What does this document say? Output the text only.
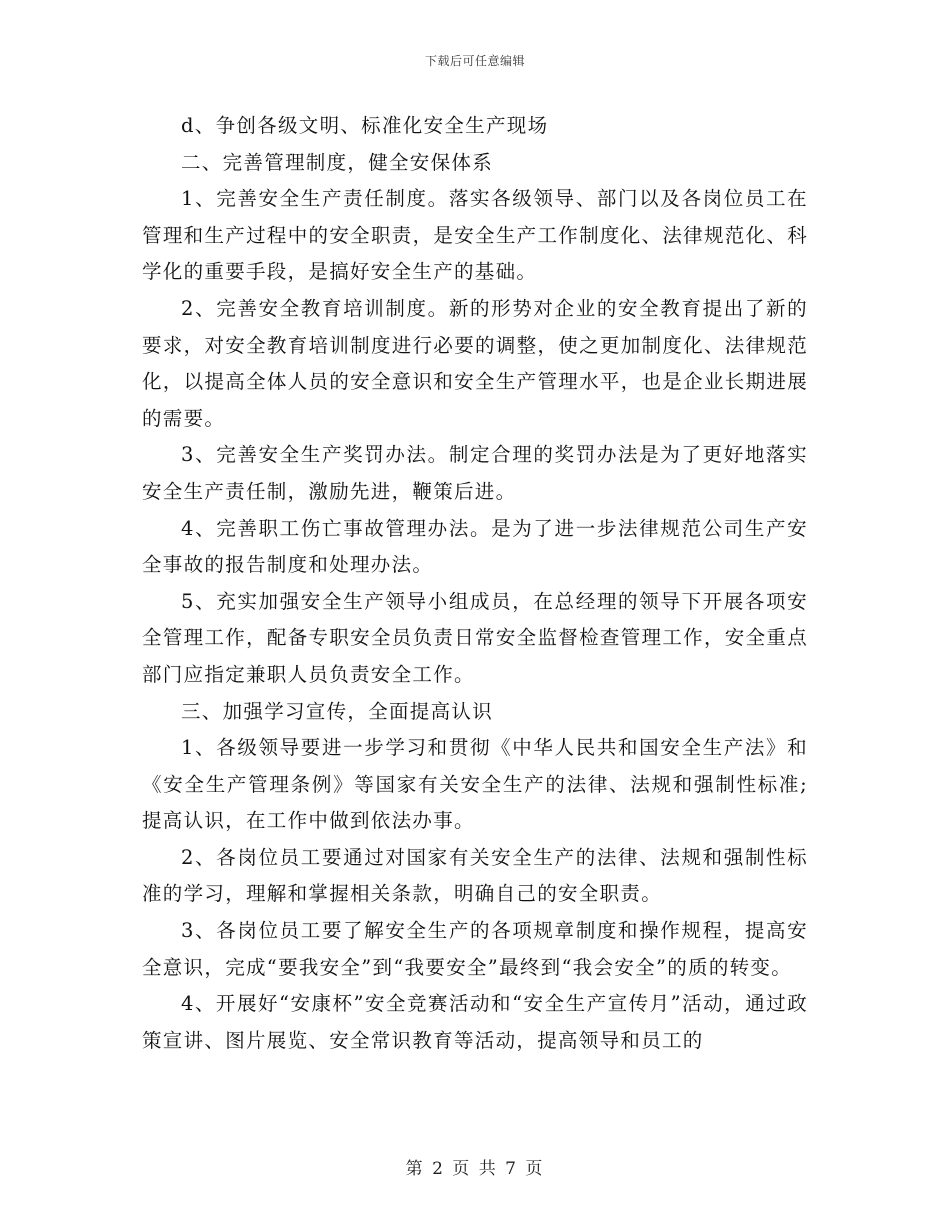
下载后可任意编辑

d、争创各级文明、标准化安全生产现场

二、完善管理制度，健全安保体系

1、完善安全生产责任制度。落实各级领导、部门以及各岗位员工在管理和生产过程中的安全职责，是安全生产工作制度化、法律规范化、科学化的重要手段，是搞好安全生产的基础。

2、完善安全教育培训制度。新的形势对企业的安全教育提出了新的要求，对安全教育培训制度进行必要的调整，使之更加制度化、法律规范化，以提高全体人员的安全意识和安全生产管理水平，也是企业长期进展的需要。

3、完善安全生产奖罚办法。制定合理的奖罚办法是为了更好地落实安全生产责任制，激励先进，鞭策后进。

4、完善职工伤亡事故管理办法。是为了进一步法律规范公司生产安全事故的报告制度和处理办法。

5、充实加强安全生产领导小组成员，在总经理的领导下开展各项安全管理工作，配备专职安全员负责日常安全监督检查管理工作，安全重点部门应指定兼职人员负责安全工作。

三、加强学习宣传，全面提高认识

1、各级领导要进一步学习和贯彻《中华人民共和国安全生产法》和《安全生产管理条例》等国家有关安全生产的法律、法规和强制性标准;提高认识，在工作中做到依法办事。

2、各岗位员工要通过对国家有关安全生产的法律、法规和强制性标准的学习，理解和掌握相关条款，明确自己的安全职责。

3、各岗位员工要了解安全生产的各项规章制度和操作规程，提高安全意识，完成“要我安全”到“我要安全”最终到“我会安全”的质的转变。

4、开展好“安康杯”安全竞赛活动和“安全生产宣传月”活动，通过政策宣讲、图片展览、安全常识教育等活动，提高领导和员工的

第 2 页 共 7 页
